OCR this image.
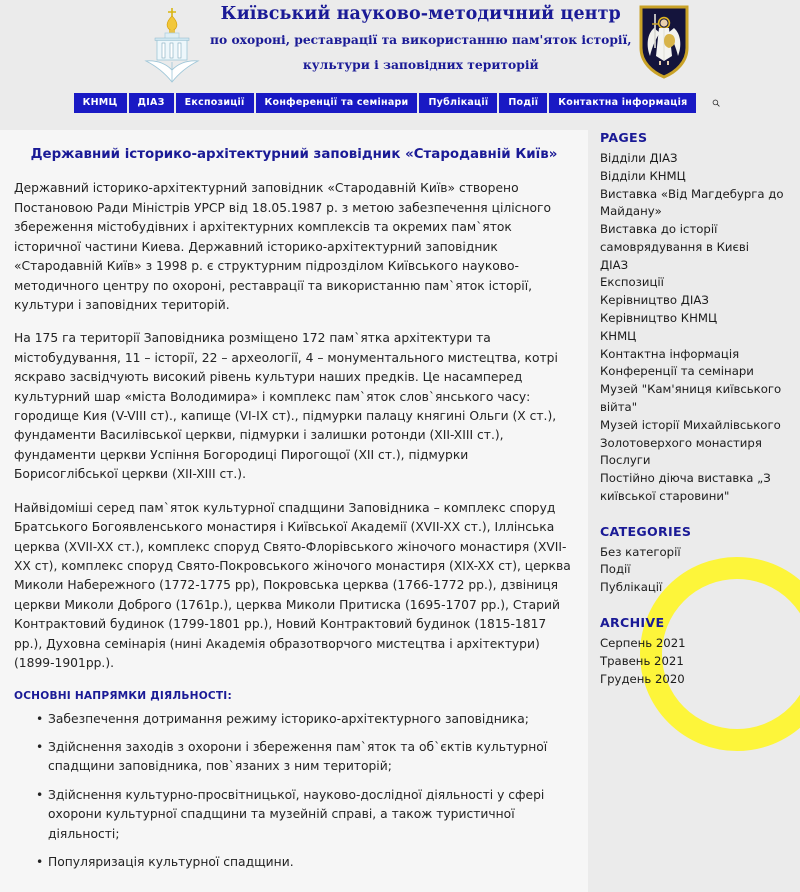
Київський науково-методичний центр
по охороні, реставрації та використанню пам'яток історії,
культури і заповідних територій
КНМЦ	ДІАЗ	Експозиції	Конференції та семінари	Публікації	Події	Контактна інформація
Державний історико-архітектурний заповідник «Стародавній Київ»

Державний історико-архітектурний заповідник «Стародавній Київ» створено Постановою Ради Міністрів УРСР від 18.05.1987 р. з метою забезпечення цілісного збереження містобудівних і архітектурних комплексів та окремих пам`яток історичної частини Киева. Державний історико-архітектурний заповідник «Стародавній Київ» з 1998 р. є структурним підрозділом Київського науково-методичного центру по охороні, реставрації та використанню пам`яток історії, культури і заповідних територій.

На 175 га території Заповідника розміщено 172 пам`ятка архітектури та містобудування, 11 – історії, 22 – археології, 4 – монументального мистецтва, котрі яскраво засвідчують високий рівень культури наших предків. Це насамперед культурний шар «міста Володимира» і комплекс пам`яток слов`янського часу: городище Кия (V-VIII ст)., капище (VI-IX ст)., підмурки палацу княгині Ольги (X ст.), фундаменти Василівської церкви, підмурки і залишки ротонди (XII-XIII ст.), фундаменти церкви Успіння Богородиці Пирогощої (XII ст.), підмурки Борисоглібської церкви (XII-XIII ст.).

Найвідоміші серед пам`яток культурної спадщини Заповідника – комплекс споруд Братського Богоявленського монастиря і Київської Академії (XVII-XX ст.), Іллінська церква (XVII-XX ст.), комплекс споруд Свято-Флорівського жіночого монастиря (XVII-XX ст), комплекс споруд Свято-Покровського жіночого монастиря (XIX-XX ст), церква Миколи Набережного (1772-1775 рр), Покровська церква (1766-1772 рр.), дзвіниця церкви Миколи Доброго (1761р.), церква Миколи Притиска (1695-1707 рр.), Старий Контрактовий будинок (1799-1801 рр.), Новий Контрактовий будинок (1815-1817 рр.), Духовна семінарія (нині Академія образотворчого мистецтва і архітектури) (1899-1901рр.).

ОСНОВНІ НАПРЯМКИ ДІЯЛЬНОСТІ:
• Забезпечення дотримання режиму історико-архітектурного заповідника;
• Здійснення заходів з охорони і збереження пам`яток та об`єктів культурної спадщини заповідника, пов`язаних з ним територій;
• Здійснення культурно-просвітницької, науково-дослідної діяльності у сфері охорони культурної спадщини та музейній справі, а також туристичної діяльності;
• Популяризація культурної спадщини.
PAGES
Відділи ДІАЗ
Відділи КНМЦ
Виставка «Від Магдебурга до Майдану»
Виставка до історії самоврядування в Києві
ДІАЗ
Експозиції
Керівництво ДІАЗ
Керівництво КНМЦ
КНМЦ
Контактна інформація
Конференції та семінари
Музей "Кам'яниця київського війта"
Музей історії Михайлівського Золотоверхого монастиря
Послуги
Постійно діюча виставка „З київської старовини"
CATEGORIES
Без категорії
Події
Публікації
ARCHIVE
Серпень 2021
Травень 2021
Грудень 2020
